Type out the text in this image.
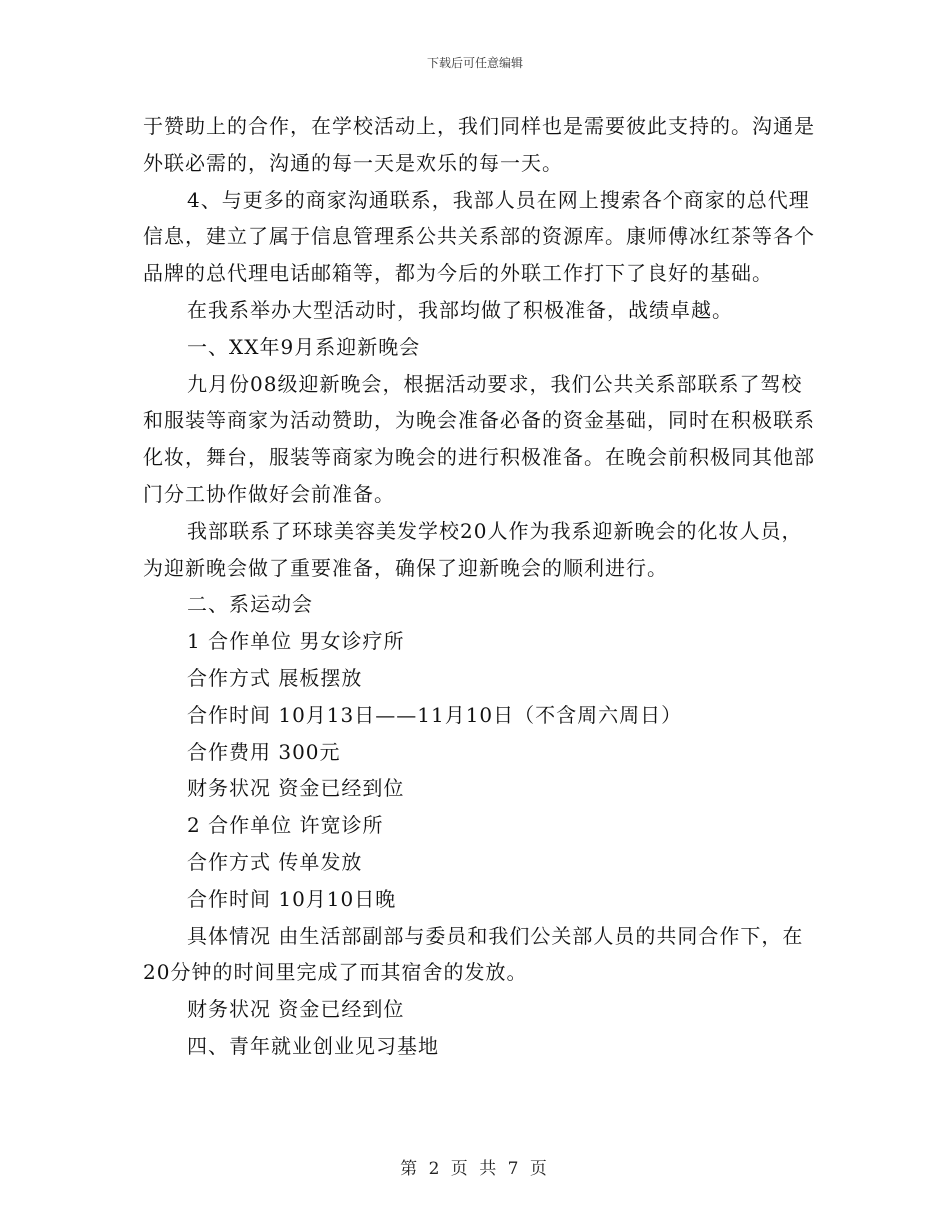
下载后可任意编辑

于赞助上的合作，在学校活动上，我们同样也是需要彼此支持的。沟通是外联必需的，沟通的每一天是欢乐的每一天。

4、与更多的商家沟通联系，我部人员在网上搜索各个商家的总代理信息，建立了属于信息管理系公共关系部的资源库。康师傅冰红茶等各个品牌的总代理电话邮箱等，都为今后的外联工作打下了良好的基础。

在我系举办大型活动时，我部均做了积极准备，战绩卓越。

一、XX年9月系迎新晚会

九月份08级迎新晚会，根据活动要求，我们公共关系部联系了驾校和服装等商家为活动赞助，为晚会准备必备的资金基础，同时在积极联系化妆，舞台，服装等商家为晚会的进行积极准备。在晚会前积极同其他部门分工协作做好会前准备。

我部联系了环球美容美发学校20人作为我系迎新晚会的化妆人员，为迎新晚会做了重要准备，确保了迎新晚会的顺利进行。

二、系运动会

1 合作单位 男女诊疗所

合作方式 展板摆放

合作时间 10月13日——11月10日（不含周六周日）

合作费用 300元

财务状况 资金已经到位

2 合作单位 许宽诊所

合作方式 传单发放

合作时间 10月10日晚

具体情况 由生活部副部与委员和我们公关部人员的共同合作下，在20分钟的时间里完成了而其宿舍的发放。

财务状况 资金已经到位

四、青年就业创业见习基地

第 2 页 共 7 页
